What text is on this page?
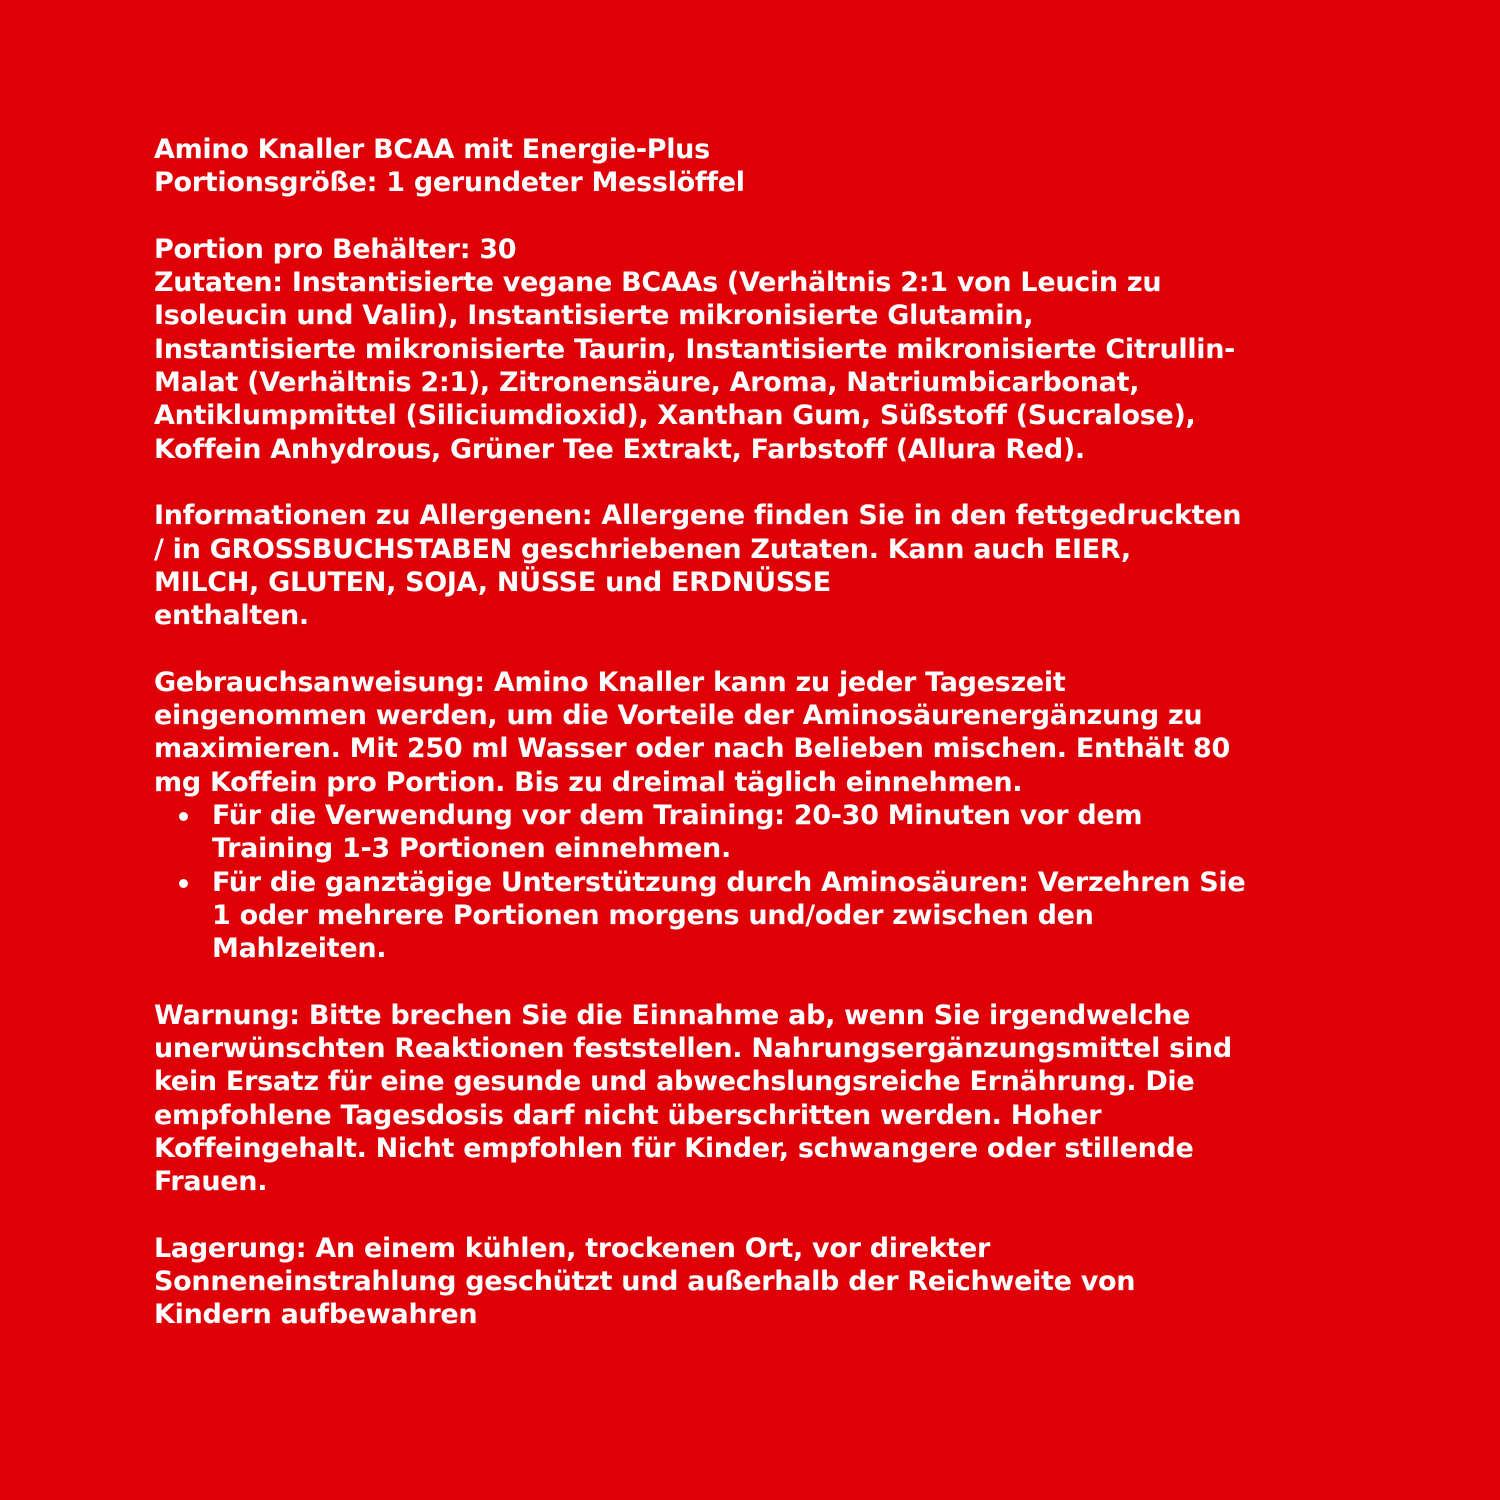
Amino Knaller BCAA mit Energie-Plus
Portionsgröße: 1 gerundeter Messlöffel
Portion pro Behälter: 30
Zutaten: Instantisierte vegane BCAAs (Verhältnis 2:1 von Leucin zu
Isoleucin und Valin), Instantisierte mikronisierte Glutamin,
Instantisierte mikronisierte Taurin, Instantisierte mikronisierte Citrullin-
Malat (Verhältnis 2:1), Zitronensäure, Aroma, Natriumbicarbonat,
Antiklumpmittel (Siliciumdioxid), Xanthan Gum, Süßstoff (Sucralose),
Koffein Anhydrous, Grüner Tee Extrakt, Farbstoff (Allura Red).
Informationen zu Allergenen: Allergene finden Sie in den fettgedruckten
/ in GROSSBUCHSTABEN geschriebenen Zutaten. Kann auch EIER,
MILCH, GLUTEN, SOJA, NÜSSE und ERDNÜSSE
enthalten.
Gebrauchsanweisung: Amino Knaller kann zu jeder Tageszeit
eingenommen werden, um die Vorteile der Aminosäurenergänzung zu
maximieren. Mit 250 ml Wasser oder nach Belieben mischen. Enthält 80
mg Koffein pro Portion. Bis zu dreimal täglich einnehmen.
Für die Verwendung vor dem Training: 20-30 Minuten vor dem
Training 1-3 Portionen einnehmen.
Für die ganztägige Unterstützung durch Aminosäuren: Verzehren Sie
1 oder mehrere Portionen morgens und/oder zwischen den
Mahlzeiten.
Warnung: Bitte brechen Sie die Einnahme ab, wenn Sie irgendwelche
unerwünschten Reaktionen feststellen. Nahrungsergänzungsmittel sind
kein Ersatz für eine gesunde und abwechslungsreiche Ernährung. Die
empfohlene Tagesdosis darf nicht überschritten werden. Hoher
Koffeingehalt. Nicht empfohlen für Kinder, schwangere oder stillende
Frauen.
Lagerung: An einem kühlen, trockenen Ort, vor direkter
Sonneneinstrahlung geschützt und außerhalb der Reichweite von
Kindern aufbewahren
